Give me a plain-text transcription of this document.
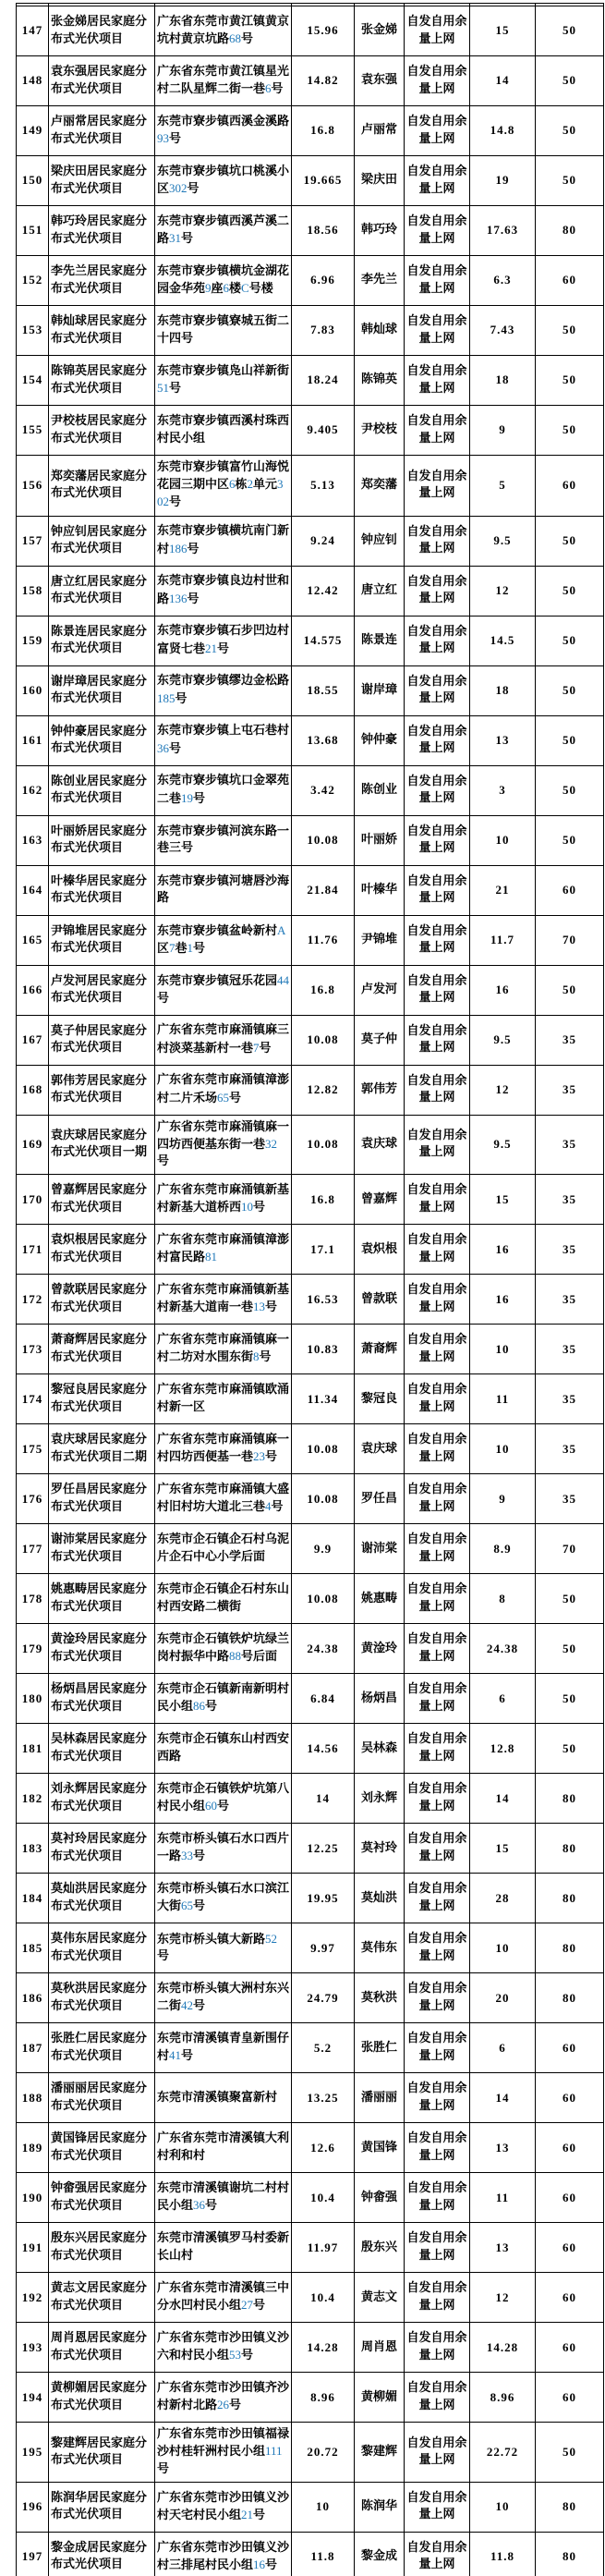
147	张金娣居民家庭分布式光伏项目	广东省东莞市黄江镇黄京坑村黄京坑路68号	15.96	张金娣	自发自用余量上网	15	50
148	袁东强居民家庭分布式光伏项目	广东省东莞市黄江镇星光村二队星辉二街一巷6号	14.82	袁东强	自发自用余量上网	14	50
149	卢丽常居民家庭分布式光伏项目	东莞市寮步镇西溪金溪路93号	16.8	卢丽常	自发自用余量上网	14.8	50
150	梁庆田居民家庭分布式光伏项目	东莞市寮步镇坑口桃溪小区302号	19.665	梁庆田	自发自用余量上网	19	50
151	韩巧玲居民家庭分布式光伏项目	东莞市寮步镇西溪芦溪二路31号	18.56	韩巧玲	自发自用余量上网	17.63	80
152	李先兰居民家庭分布式光伏项目	东莞市寮步镇横坑金湖花园金华苑9座6楼C号楼	6.96	李先兰	自发自用余量上网	6.3	60
153	韩灿球居民家庭分布式光伏项目	东莞市寮步镇寮城五街二十四号	7.83	韩灿球	自发自用余量上网	7.43	50
154	陈锦英居民家庭分布式光伏项目	东莞市寮步镇凫山祥新街51号	18.24	陈锦英	自发自用余量上网	18	50
155	尹校枝居民家庭分布式光伏项目	东莞市寮步镇西溪村珠西村民小组	9.405	尹校枝	自发自用余量上网	9	50
156	郑奕藩居民家庭分布式光伏项目	东莞市寮步镇富竹山海悦花园三期中区6栋2单元302号	5.13	郑奕藩	自发自用余量上网	5	60
157	钟应钊居民家庭分布式光伏项目	东莞市寮步镇横坑南门新村186号	9.24	钟应钊	自发自用余量上网	9.5	50
158	唐立红居民家庭分布式光伏项目	东莞市寮步镇良边村世和路136号	12.42	唐立红	自发自用余量上网	12	50
159	陈景连居民家庭分布式光伏项目	东莞市寮步镇石步凹边村富贤七巷21号	14.575	陈景连	自发自用余量上网	14.5	50
160	谢岸璋居民家庭分布式光伏项目	东莞市寮步镇缪边金松路185号	18.55	谢岸璋	自发自用余量上网	18	50
161	钟仲豪居民家庭分布式光伏项目	东莞市寮步镇上屯石巷村36号	13.68	钟仲豪	自发自用余量上网	13	50
162	陈创业居民家庭分布式光伏项目	东莞市寮步镇坑口金翠苑二巷19号	3.42	陈创业	自发自用余量上网	3	50
163	叶丽娇居民家庭分布式光伏项目	东莞市寮步镇河滨东路一巷三号	10.08	叶丽娇	自发自用余量上网	10	50
164	叶榛华居民家庭分布式光伏项目	东莞市寮步镇河塘唇沙海路	21.84	叶榛华	自发自用余量上网	21	60
165	尹锦堆居民家庭分布式光伏项目	东莞市寮步镇盆岭新村A区7巷1号	11.76	尹锦堆	自发自用余量上网	11.7	70
166	卢发河居民家庭分布式光伏项目	东莞市寮步镇冠乐花园44号	16.8	卢发河	自发自用余量上网	16	50
167	莫子仲居民家庭分布式光伏项目	广东省东莞市麻涌镇麻三村淡菜基新村一巷7号	10.08	莫子仲	自发自用余量上网	9.5	35
168	郭伟芳居民家庭分布式光伏项目	广东省东莞市麻涌镇漳澎村二片禾场65号	12.82	郭伟芳	自发自用余量上网	12	35
169	袁庆球居民家庭分布式光伏项目一期	广东省东莞市麻涌镇麻一四坊西便基东街一巷32号	10.08	袁庆球	自发自用余量上网	9.5	35
170	曾嘉辉居民家庭分布式光伏项目	广东省东莞市麻涌镇新基村新基大道桥西10号	16.8	曾嘉辉	自发自用余量上网	15	35
171	袁炽根居民家庭分布式光伏项目	广东省东莞市麻涌镇漳澎村富民路81	17.1	袁炽根	自发自用余量上网	16	35
172	曾款联居民家庭分布式光伏项目	广东省东莞市麻涌镇新基村新基大道南一巷13号	16.53	曾款联	自发自用余量上网	16	35
173	萧裔辉居民家庭分布式光伏项目	广东省东莞市麻涌镇麻一村二坊对水围东街8号	10.83	萧裔辉	自发自用余量上网	10	35
174	黎冠良居民家庭分布式光伏项目	广东省东莞市麻涌镇欧涌村新一区	11.34	黎冠良	自发自用余量上网	11	35
175	袁庆球居民家庭分布式光伏项目二期	广东省东莞市麻涌镇麻一村四坊西便基一巷23号	10.08	袁庆球	自发自用余量上网	10	35
176	罗任昌居民家庭分布式光伏项目	广东省东莞市麻涌镇大盛村旧村坊大道北三巷4号	10.08	罗任昌	自发自用余量上网	9	35
177	谢沛棠居民家庭分布式光伏项目	东莞市企石镇企石村乌泥片企石中心小学后面	9.9	谢沛棠	自发自用余量上网	8.9	70
178	姚惠畴居民家庭分布式光伏项目	东莞市企石镇企石村东山村西安路二横街	10.08	姚惠畴	自发自用余量上网	8	50
179	黄淦玲居民家庭分布式光伏项目	东莞市企石镇铁炉坑绿兰岗村振华中路88号后面	24.38	黄淦玲	自发自用余量上网	24.38	50
180	杨炳昌居民家庭分布式光伏项目	东莞市企石镇新南新明村民小组86号	6.84	杨炳昌	自发自用余量上网	6	50
181	吴林森居民家庭分布式光伏项目	东莞市企石镇东山村西安西路	14.56	吴林森	自发自用余量上网	12.8	50
182	刘永辉居民家庭分布式光伏项目	东莞市企石镇铁炉坑第八村民小组60号	14	刘永辉	自发自用余量上网	14	80
183	莫衬玲居民家庭分布式光伏项目	东莞市桥头镇石水口西片一路33号	12.25	莫衬玲	自发自用余量上网	15	80
184	莫灿洪居民家庭分布式光伏项目	东莞市桥头镇石水口滨江大街65号	19.95	莫灿洪	自发自用余量上网	28	80
185	莫伟东居民家庭分布式光伏项目	东莞市桥头镇大新路52号	9.97	莫伟东	自发自用余量上网	10	80
186	莫秋洪居民家庭分布式光伏项目	东莞市桥头镇大洲村东兴二街42号	24.79	莫秋洪	自发自用余量上网	20	80
187	张胜仁居民家庭分布式光伏项目	东莞市清溪镇青皇新围仔村41号	5.2	张胜仁	自发自用余量上网	6	60
188	潘丽丽居民家庭分布式光伏项目	东莞市清溪镇聚富新村	13.25	潘丽丽	自发自用余量上网	14	60
189	黄国锋居民家庭分布式光伏项目	广东省东莞市清溪镇大利村利和村	12.6	黄国锋	自发自用余量上网	13	60
190	钟畲强居民家庭分布式光伏项目	东莞市清溪镇谢坑二村村民小组36号	10.4	钟畲强	自发自用余量上网	11	60
191	殷东兴居民家庭分布式光伏项目	东莞市清溪镇罗马村委新长山村	11.97	殷东兴	自发自用余量上网	13	60
192	黄志文居民家庭分布式光伏项目	广东省东莞市清溪镇三中分水凹村民小组27号	10.4	黄志文	自发自用余量上网	12	60
193	周肖恩居民家庭分布式光伏项目	广东省东莞市沙田镇义沙六和村民小组53号	14.28	周肖恩	自发自用余量上网	14.28	60
194	黄柳媚居民家庭分布式光伏项目	广东省东莞市沙田镇齐沙村新村北路26号	8.96	黄柳媚	自发自用余量上网	8.96	60
195	黎建辉居民家庭分布式光伏项目	广东省东莞市沙田镇福禄沙村桂轩洲村民小组111号	20.72	黎建辉	自发自用余量上网	22.72	50
196	陈润华居民家庭分布式光伏项目	广东省东莞市沙田镇义沙村天宅村民小组21号	10	陈润华	自发自用余量上网	10	80
197	黎金成居民家庭分布式光伏项目	广东省东莞市沙田镇义沙村三排尾村民小组16号	11.8	黎金成	自发自用余量上网	11.8	80
